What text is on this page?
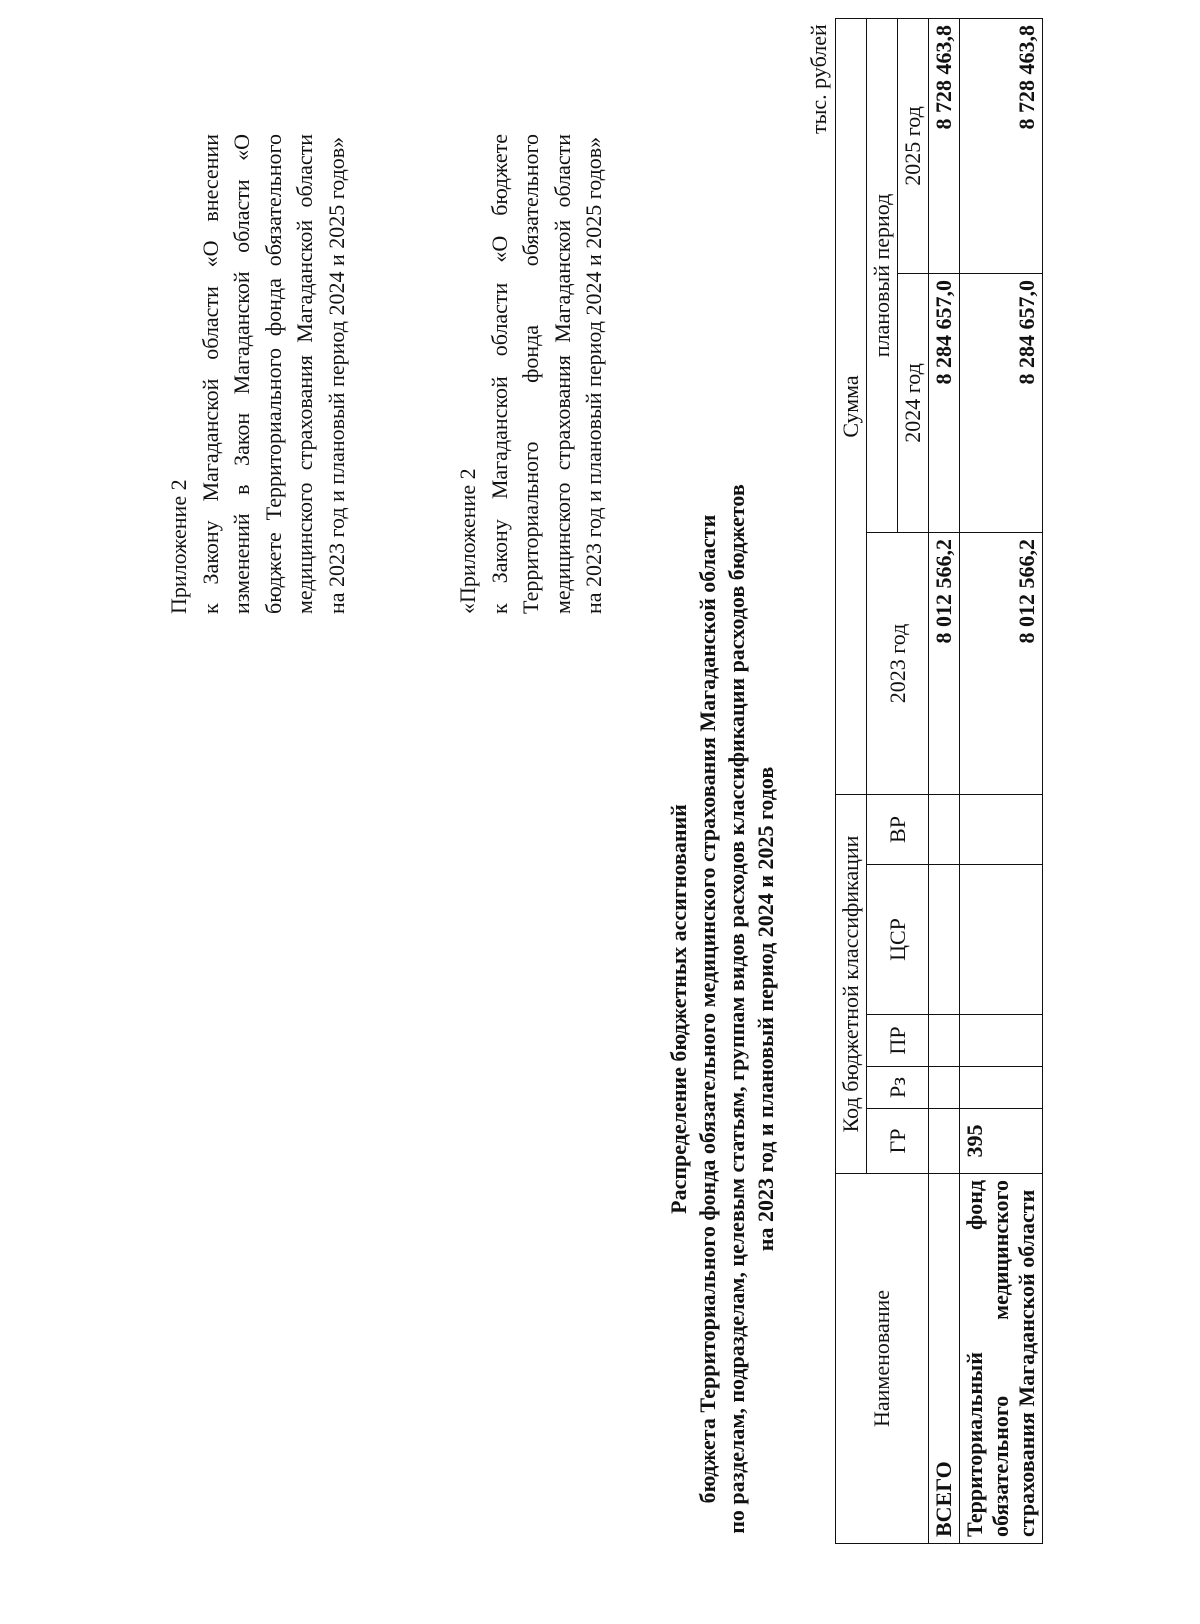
Приложение 2 к Закону Магаданской области «О внесении изменений в Закон Магаданской области «О бюджете Территориального фонда обязательного медицинского страхования Магаданской области на 2023 год и плановый период 2024 и 2025 годов»	«Приложение 2 к Закону Магаданской области «О бюджете Территориального фонда обязательного медицинского страхования Магаданской области на 2023 год и плановый период 2024 и 2025 годов»
Распределение бюджетных ассигнований бюджета Территориального фонда обязательного медицинского страхования Магаданской области по разделам, подразделам, целевым статьям, группам видов расходов классификации расходов бюджетов на 2023 год и плановый период 2024 и 2025 годов
тыс. рублей
Наименование	Код бюджетной классификации					Сумма		
	ГР	Рз	ПР	ЦСР	ВР	2023 год	плановый период	
							2024 год	2025 год
ВСЕГО						8 012 566,2	8 284 657,0	8 728 463,8
Территориальный фонд обязательного медицинского страхования Магаданской области	395					8 012 566,2	8 284 657,0	8 728 463,8
